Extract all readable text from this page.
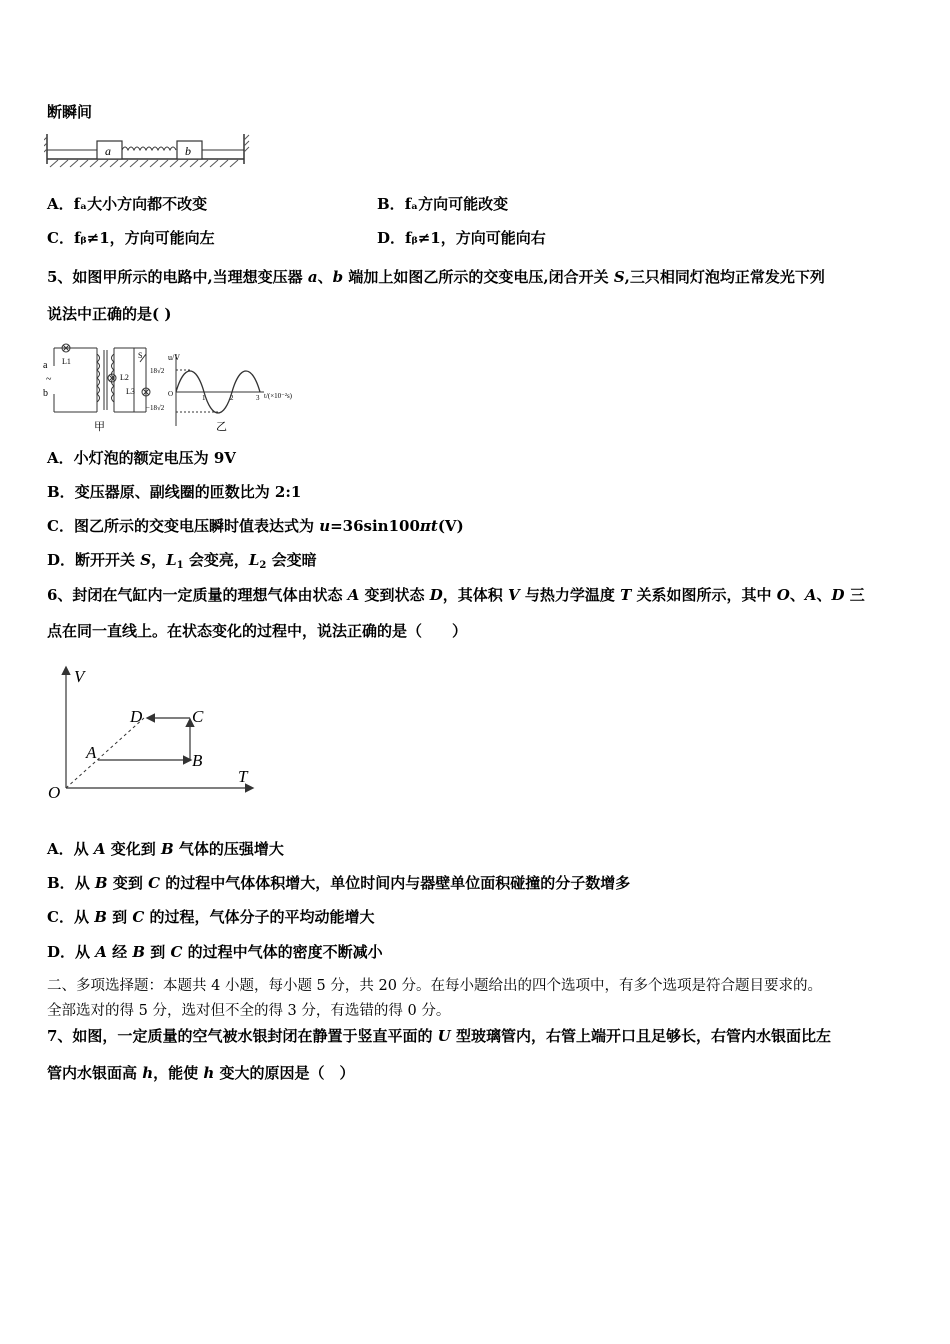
断瞬间
a	b
A．fₐ大小方向都不改变	B．fₐ方向可能改变
C．fᵦ≠1，方向可能向左	D．fᵦ≠1，方向可能向右
5、如图甲所示的电路中,当理想变压器 a、b 端加上如图乙所示的交变电压,闭合开关 S,三只相同灯泡均正常发光下列
说法中正确的是( )
a
~
b
L1
L2
L3
S
甲
u/V
18√2
O
−18√2
1	2	3 t/(×10⁻²s)
乙
A．小灯泡的额定电压为 9V
B．变压器原、副线圈的匝数比为 2:1
C．图乙所示的交变电压瞬时值表达式为 u=36sin100πt(V)
D．断开开关 S，$L_1$ 会变亮，$L_2$ 会变暗
6、封闭在气缸内一定质量的理想气体由状态 A 变到状态 D，其体积 V 与热力学温度 T 关系如图所示，其中 O、A、D 三
点在同一直线上。在状态变化的过程中，说法正确的是（　　）
V
T
O
A	B
C
D
A．从 A 变化到 B 气体的压强增大
B．从 B 变到 C 的过程中气体体积增大，单位时间内与器壁单位面积碰撞的分子数增多
C．从 B 到 C 的过程，气体分子的平均动能增大
D．从 A 经 B 到 C 的过程中气体的密度不断减小
二、多项选择题：本题共 4 小题，每小题 5 分，共 20 分。在每小题给出的四个选项中，有多个选项是符合题目要求的。
全部选对的得 5 分，选对但不全的得 3 分，有选错的得 0 分。
7、如图，一定质量的空气被水银封闭在静置于竖直平面的 U 型玻璃管内，右管上端开口且足够长，右管内水银面比左
管内水银面高 h，能使 h 变大的原因是（　）
